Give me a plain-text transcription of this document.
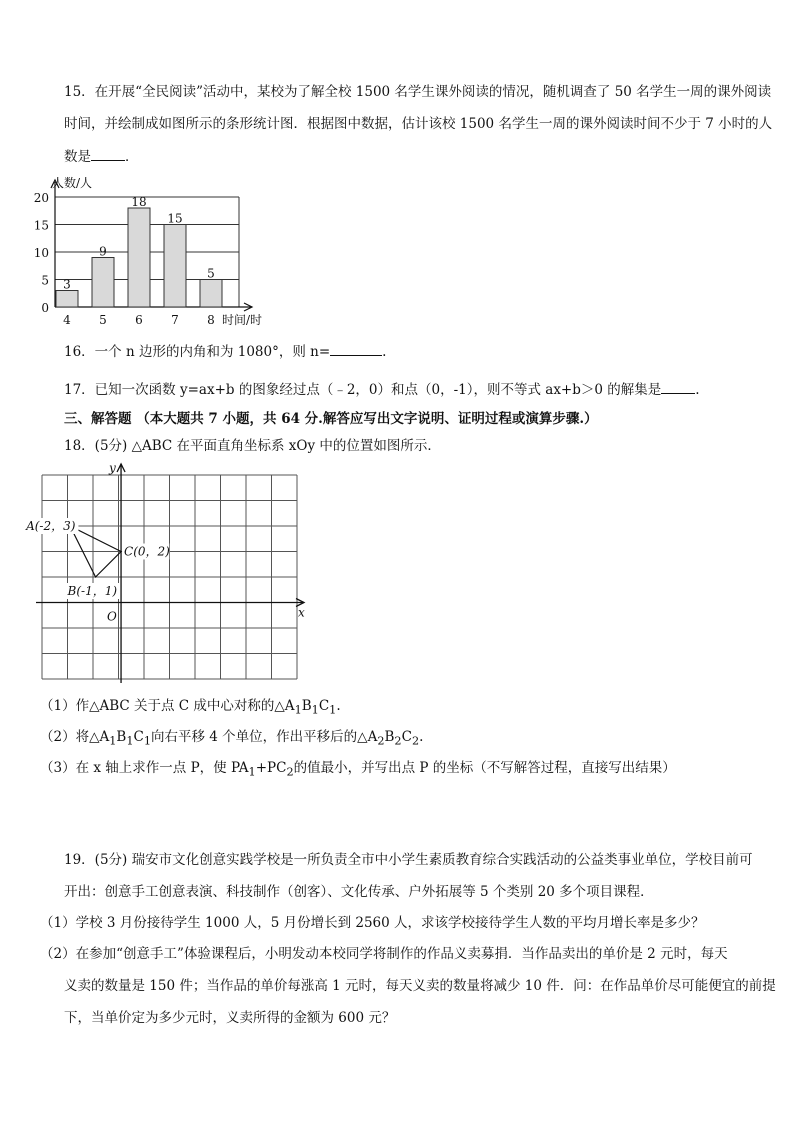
15．在开展“全民阅读”活动中，某校为了解全校 1500 名学生课外阅读的情况，随机调查了 50 名学生一周的课外阅读
时间，并绘制成如图所示的条形统计图．根据图中数据，估计该校 1500 名学生一周的课外阅读时间不少于 7 小时的人
数是	．
0
5
10
15
20
人数/人
时间/时
3
4
9
5
18
6
15
7
5
8
16．一个 n 边形的内角和为 1080°，则 n=	.
17．已知一次函数 y=ax+b 的图象经过点（﹣2，0）和点（0，-1），则不等式 ax+b＞0 的解集是	.
三、解答题 （本大题共 7 小题，共 64 分.解答应写出文字说明、证明过程或演算步骤.）
18．(5分) △ABC 在平面直角坐标系 xOy 中的位置如图所示．
y
x
O
A(-2，3)
B(-1，1)
C(0，2)
（1）作△ABC 关于点 C 成中心对称的$\triangle A_1B_1C_1$.
（2）将$\triangle A_1B_1C_1$向右平移 4 个单位，作出平移后的$\triangle A_2B_2C_2$.
（3）在 x 轴上求作一点 P，使 $PA_1+PC_2$的值最小，并写出点 P 的坐标（不写解答过程，直接写出结果）
19．(5分) 瑞安市文化创意实践学校是一所负责全市中小学生素质教育综合实践活动的公益类事业单位，学校目前可
开出：创意手工创意表演、科技制作（创客）、文化传承、户外拓展等 5 个类别 20 多个项目课程．
（1）学校 3 月份接待学生 1000 人，5 月份增长到 2560 人，求该学校接待学生人数的平均月增长率是多少？
（2）在参加“创意手工”体验课程后，小明发动本校同学将制作的作品义卖募捐．当作品卖出的单价是 2 元时，每天
义卖的数量是 150 件；当作品的单价每涨高 1 元时，每天义卖的数量将减少 10 件．问：在作品单价尽可能便宜的前提
下，当单价定为多少元时，义卖所得的金额为 600 元？
